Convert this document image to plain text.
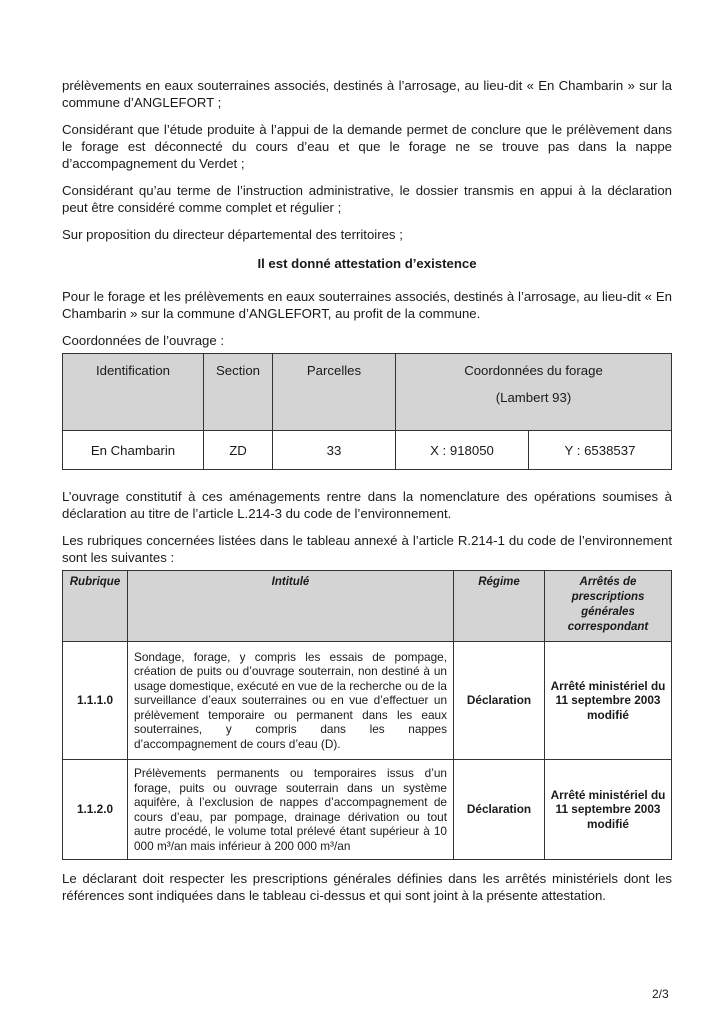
prélèvements en eaux souterraines associés, destinés à l’arrosage, au lieu-dit « En Chambarin » sur la commune d’ANGLEFORT ;

Considérant que l’étude produite à l’appui de la demande permet de conclure que le prélèvement dans le forage est déconnecté du cours d’eau et que le forage ne se trouve pas dans la nappe d’accompagnement du Verdet ;

Considérant qu’au terme de l’instruction administrative, le dossier transmis en appui à la déclaration peut être considéré comme complet et régulier ;

Sur proposition du directeur départemental des territoires ;

Il est donné attestation d’existence

Pour le forage et les prélèvements en eaux souterraines associés, destinés à l’arrosage, au lieu-dit « En Chambarin » sur la commune d’ANGLEFORT, au profit de la commune.

Coordonnées de l’ouvrage :

Identification	Section	Parcelles	Coordonnées du forage
(Lambert 93)	

En Chambarin	ZD	33	X : 918050	Y : 6538537

L’ouvrage constitutif à ces aménagements rentre dans la nomenclature des opérations soumises à déclaration au titre de l’article L.214-3 du code de l’environnement.

Les rubriques concernées listées dans le tableau annexé à l’article R.214-1 du code de l’environnement sont les suivantes :

Rubrique	Intitulé	Régime	Arrêtés de prescriptions générales correspondant
1.1.1.0	Sondage, forage, y compris les essais de pompage, création de puits ou d’ouvrage souterrain, non destiné à un usage domestique, exécuté en vue de la recherche ou de la surveillance d’eaux souterraines ou en vue d’effectuer un prélèvement temporaire ou permanent dans les eaux souterraines, y compris dans les nappes d’accompagnement de cours d’eau (D).	Déclaration	Arrêté ministériel du 11 septembre 2003 modifié
1.1.2.0	Prélèvements permanents ou temporaires issus d’un forage, puits ou ouvrage souterrain dans un système aquifère, à l’exclusion de nappes d’accompagnement de cours d’eau, par pompage, drainage dérivation ou tout autre procédé, le volume total prélevé étant supérieur à 10 000 m³/an mais inférieur à 200 000 m³/an	Déclaration	Arrêté ministériel du 11 septembre 2003 modifié

Le déclarant doit respecter les prescriptions générales définies dans les arrêtés ministériels dont les références sont indiquées dans le tableau ci-dessus et qui sont joint à la présente attestation.

2/3
